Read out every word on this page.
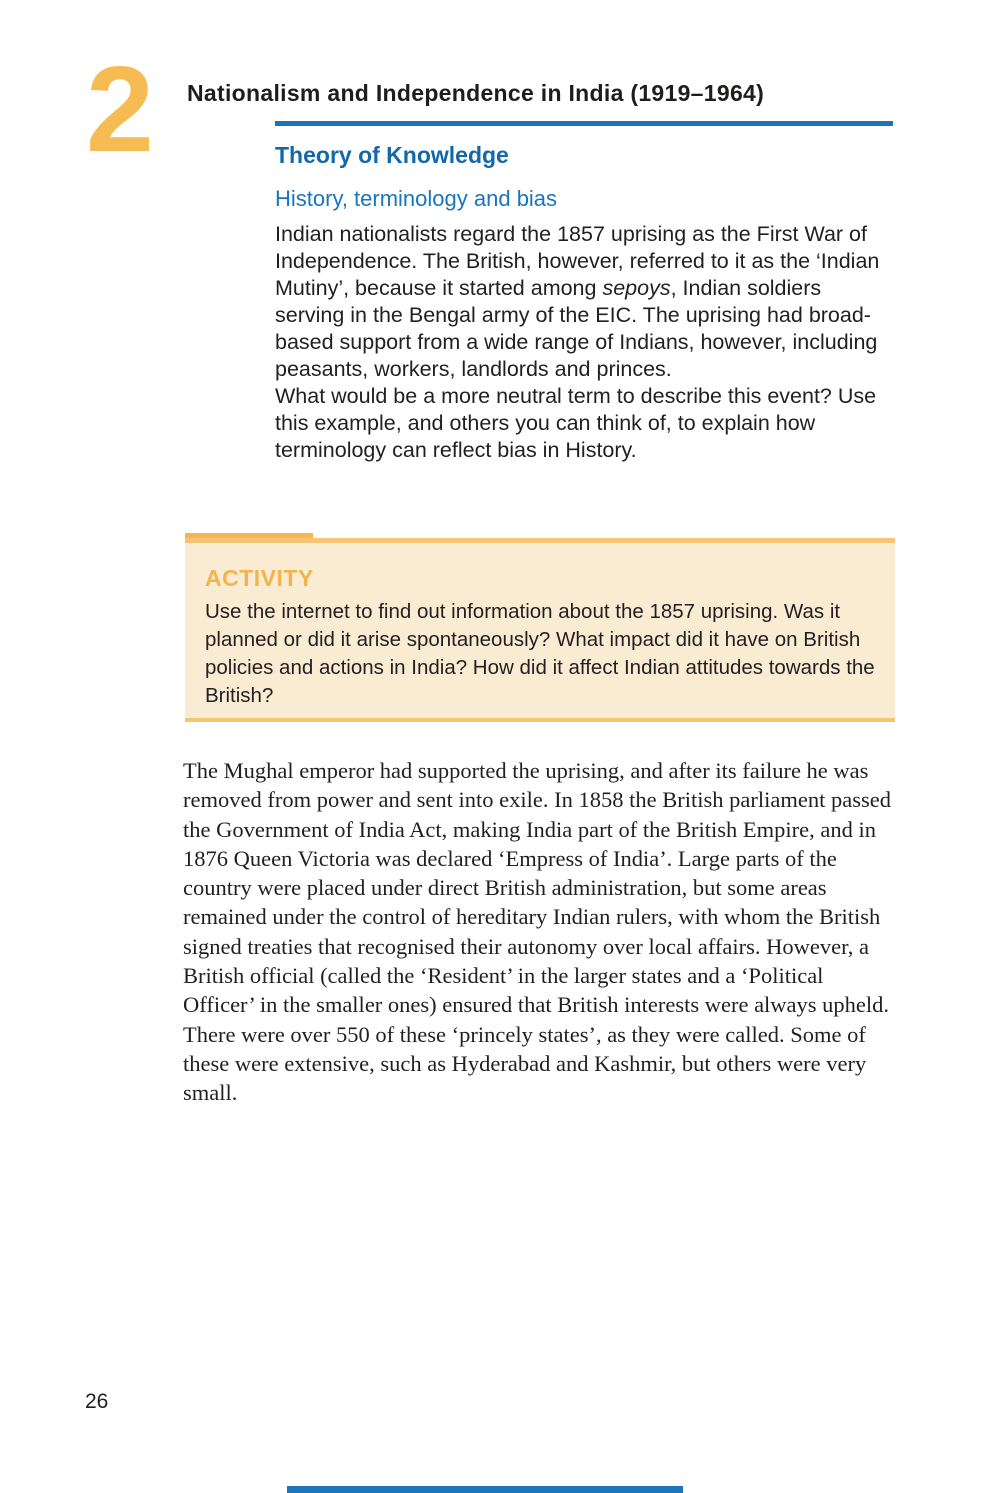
2 Nationalism and Independence in India (1919–1964)
Theory of Knowledge
History, terminology and bias

Indian nationalists regard the 1857 uprising as the First War of Independence. The British, however, referred to it as the ‘Indian Mutiny’, because it started among sepoys, Indian soldiers serving in the Bengal army of the EIC. The uprising had broad-based support from a wide range of Indians, however, including peasants, workers, landlords and princes.
What would be a more neutral term to describe this event? Use this example, and others you can think of, to explain how terminology can reflect bias in History.

ACTIVITY

Use the internet to find out information about the 1857 uprising. Was it planned or did it arise spontaneously? What impact did it have on British policies and actions in India? How did it affect Indian attitudes towards the British?

The Mughal emperor had supported the uprising, and after its failure he was removed from power and sent into exile. In 1858 the British parliament passed the Government of India Act, making India part of the British Empire, and in 1876 Queen Victoria was declared ‘Empress of India’. Large parts of the country were placed under direct British administration, but some areas remained under the control of hereditary Indian rulers, with whom the British signed treaties that recognised their autonomy over local affairs. However, a British official (called the ‘Resident’ in the larger states and a ‘Political Officer’ in the smaller ones) ensured that British interests were always upheld. There were over 550 of these ‘princely states’, as they were called. Some of these were extensive, such as Hyderabad and Kashmir, but others were very small.

26
